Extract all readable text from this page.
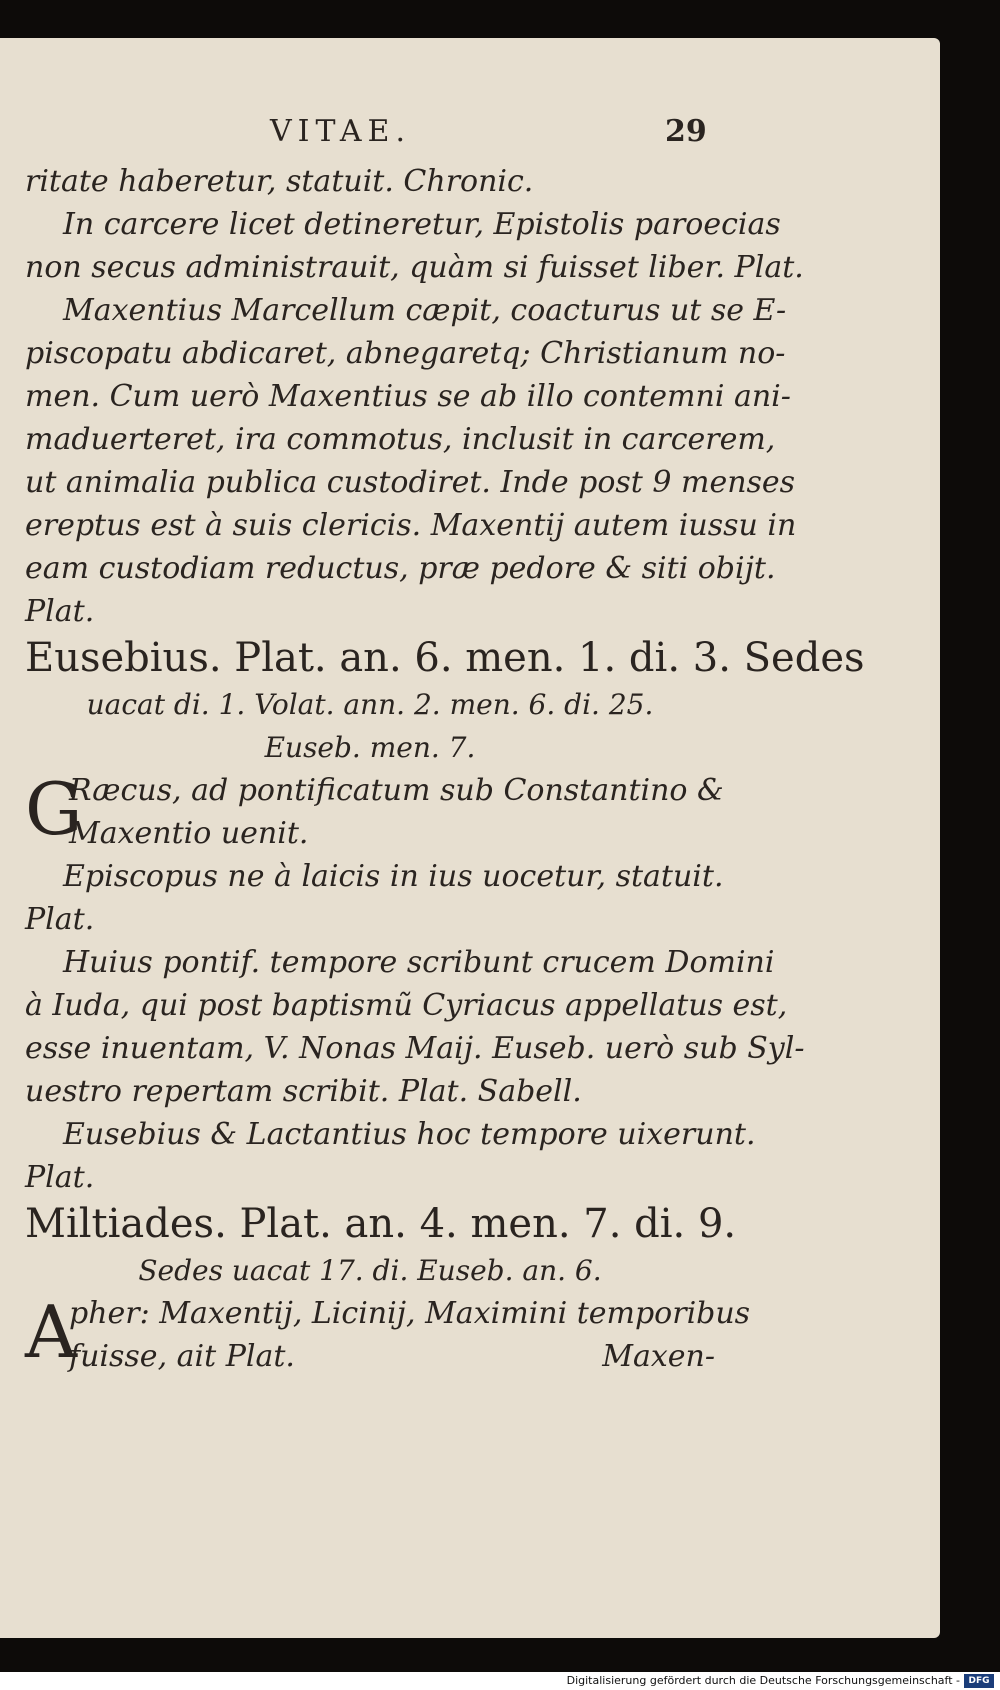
VITAE.	29
ritate haberetur, statuit. Chronic.
In carcere licet detineretur, Epistolis paroecias
non secus administrauit, quàm si fuisset liber. Plat.
Maxentius Marcellum cæpit, coacturus ut se E-
piscopatu abdicaret, abnegaretq; Christianum no-
men. Cum uerò Maxentius se ab illo contemni ani-
maduerteret, ira commotus, inclusit in carcerem,
ut animalia publica custodiret. Inde post 9 menses
ereptus est à suis clericis. Maxentij autem iussu in
eam custodiam reductus, præ pedore & siti obijt.
Plat.
Eusebius. Plat. an. 6. men. 1. di. 3. Sedes
uacat di. 1. Volat. ann. 2. men. 6. di. 25.
Euseb. men. 7.
G
Ræcus, ad pontificatum sub Constantino &
Maxentio uenit.
Episcopus ne à laicis in ius uocetur, statuit.
Plat.
Huius pontif. tempore scribunt crucem Domini
à Iuda, qui post baptismũ Cyriacus appellatus est,
esse inuentam, V. Nonas Maij. Euseb. uerò sub Syl-
uestro repertam scribit. Plat. Sabell.
Eusebius & Lactantius hoc tempore uixerunt.
Plat.
Miltiades. Plat. an. 4. men. 7. di. 9.
Sedes uacat 17. di. Euseb. an. 6.
A
pher: Maxentij, Licinij, Maximini temporibus
fuisse, ait Plat.	Maxen-
Digitalisierung gefördert durch die Deutsche Forschungsgemeinschaft - DFG
